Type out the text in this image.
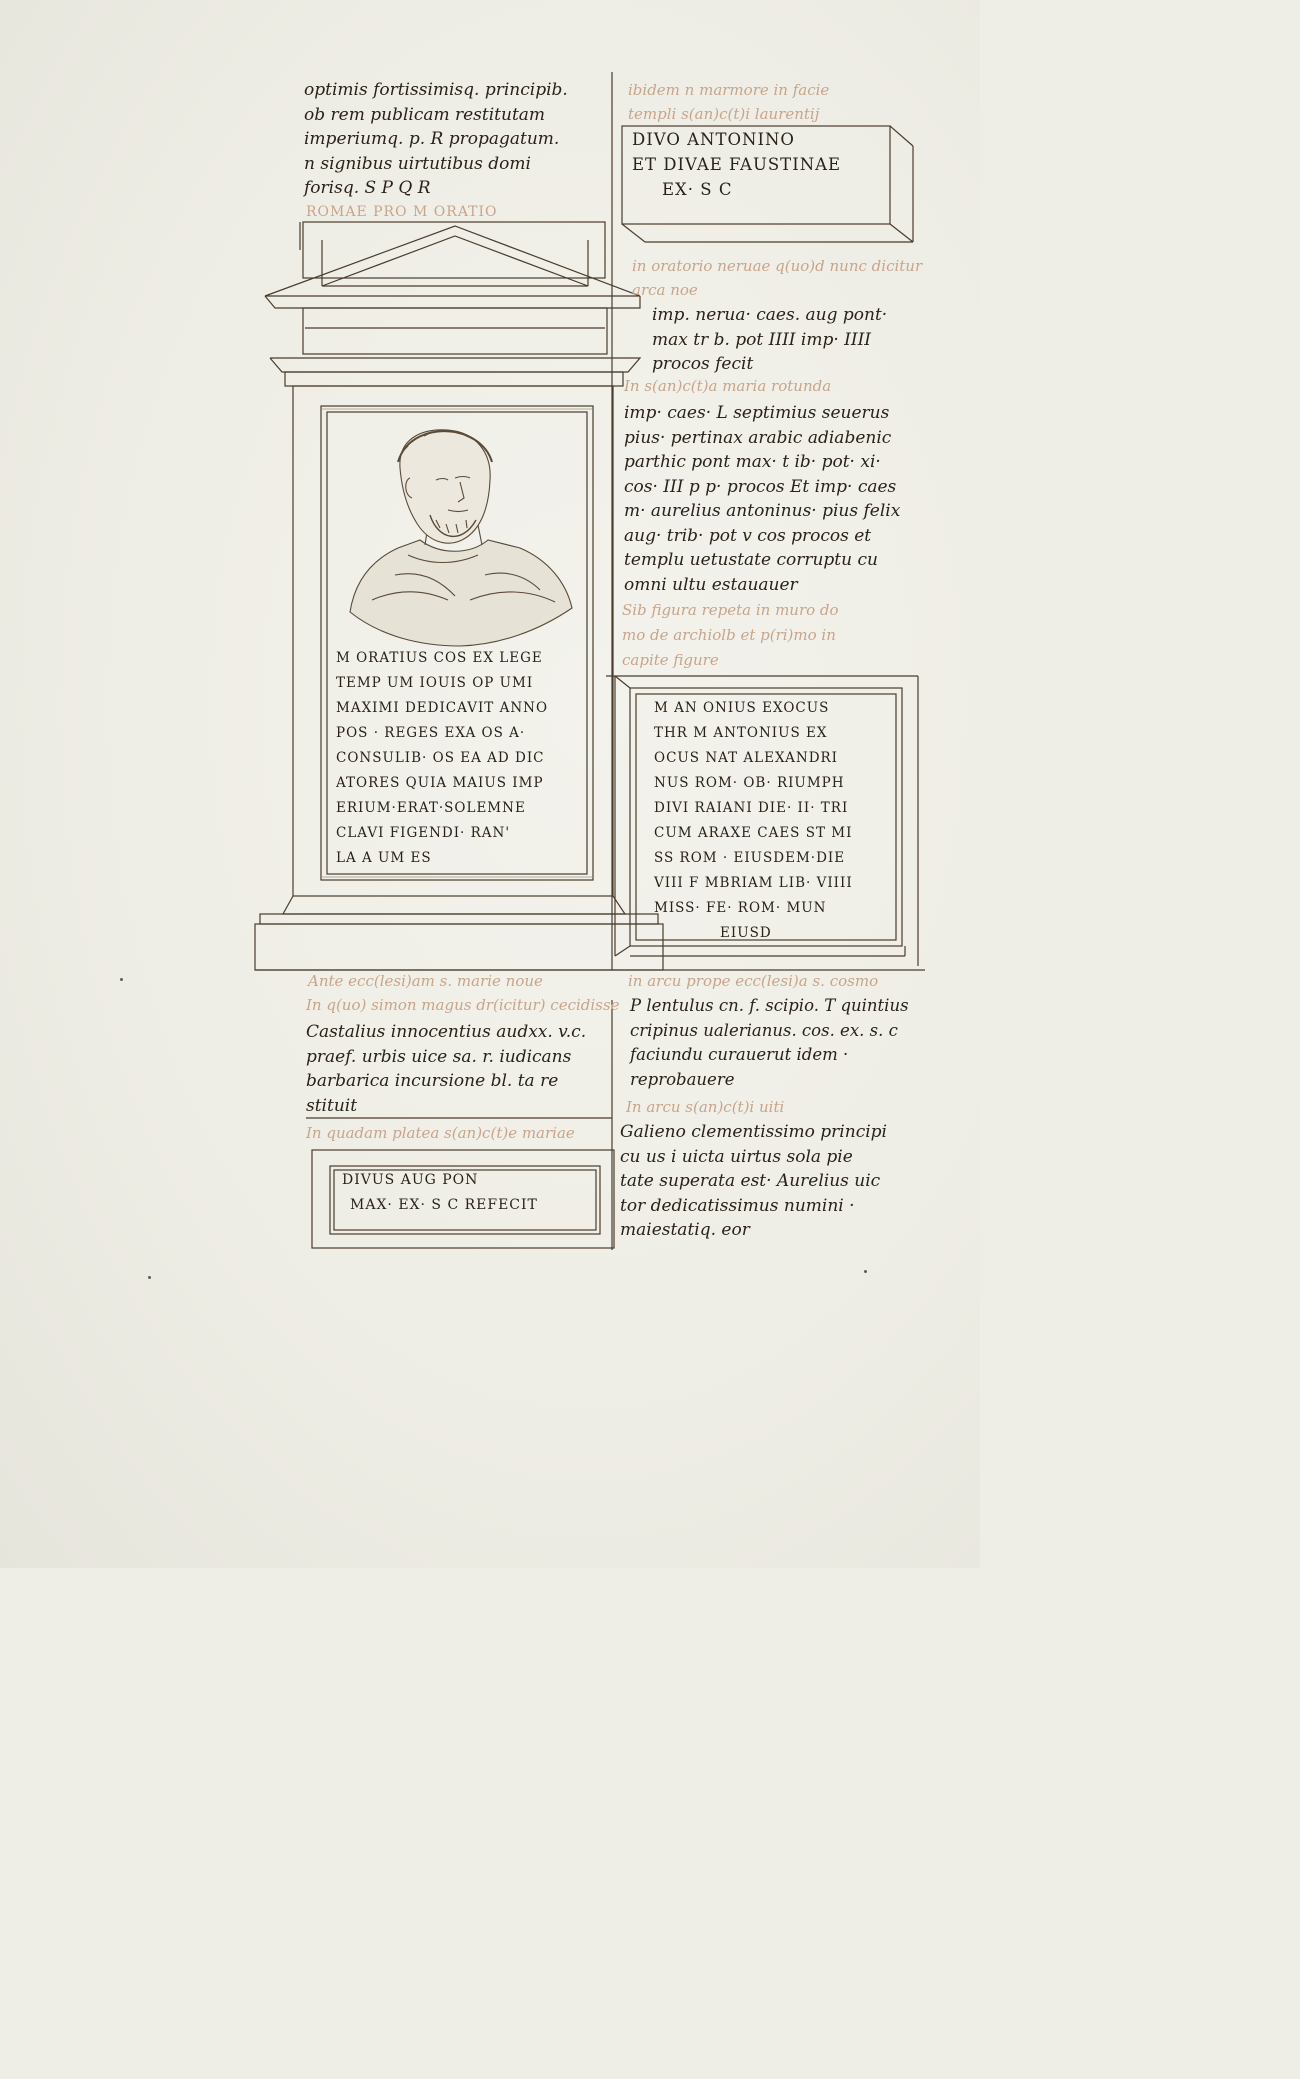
optimis fortissimisq. principib.
ob rem publicam restitutam
imperiumq. p. R propagatum.
n signibus uirtutibus domi
forisq. S P Q R
ROMAE PRO M ORATIO
M ORATIUS COS EX LEGE
TEMP UM IOUIS OP UMI
MAXIMI DEDICAVIT ANNO
POS · REGES EXA OS A·
CONSULIB· OS EA AD DIC
ATORES QUIA MAIUS IMP
ERIUM·ERAT·SOLEMNE
CLAVI FIGENDI· RAN'
LA A UM ES
Ante ecc(lesi)am s. marie noue
In q(uo) simon magus dr(icitur) cecidisse
Castalius innocentius audxx. v.c.
praef. urbis uice sa. r. iudicans
barbarica incursione bl. ta re
stituit
In quadam platea s(an)c(t)e mariae
DIVUS AUG PON
MAX· EX· S C REFECIT
ibidem n marmore in facie
templi s(an)c(t)i laurentij
DIVO ANTONINO
ET DIVAE FAUSTINAE
EX· S C
in oratorio neruae q(uo)d nunc dicitur
arca noe
imp. nerua· caes. aug pont·
max tr b. pot IIII imp· IIII
procos fecit
In s(an)c(t)a maria rotunda
imp· caes· L septimius seuerus
pius· pertinax arabic adiabenic
parthic pont max· t ib· pot· xi·
cos· III p p· procos Et imp· caes
m· aurelius antoninus· pius felix
aug· trib· pot v cos procos et
templu uetustate corruptu cu
omni ultu estauauer
Sib figura repeta in muro do
mo de archiolb et p(ri)mo in
capite figure
M AN ONIUS EXOCUS
THR M ANTONIUS EX
OCUS NAT ALEXANDRI
NUS ROM· OB· RIUMPH
DIVI RAIANI DIE· II· TRI
CUM ARAXE CAES ST MI
SS ROM · EIUSDEM·DIE
VIII F MBRIAM LIB· VIIII
MISS· FE· ROM· MUN
EIUSD
in arcu prope ecc(lesi)a s. cosmo
P lentulus cn. f. scipio. T quintius
cripinus ualerianus. cos. ex. s. c
faciundu curauerut idem ·
reprobauere
In arcu s(an)c(t)i uiti
Galieno clementissimo principi
cu us i uicta uirtus sola pie
tate superata est· Aurelius uic
tor dedicatissimus numini ·
maiestatiq. eor
